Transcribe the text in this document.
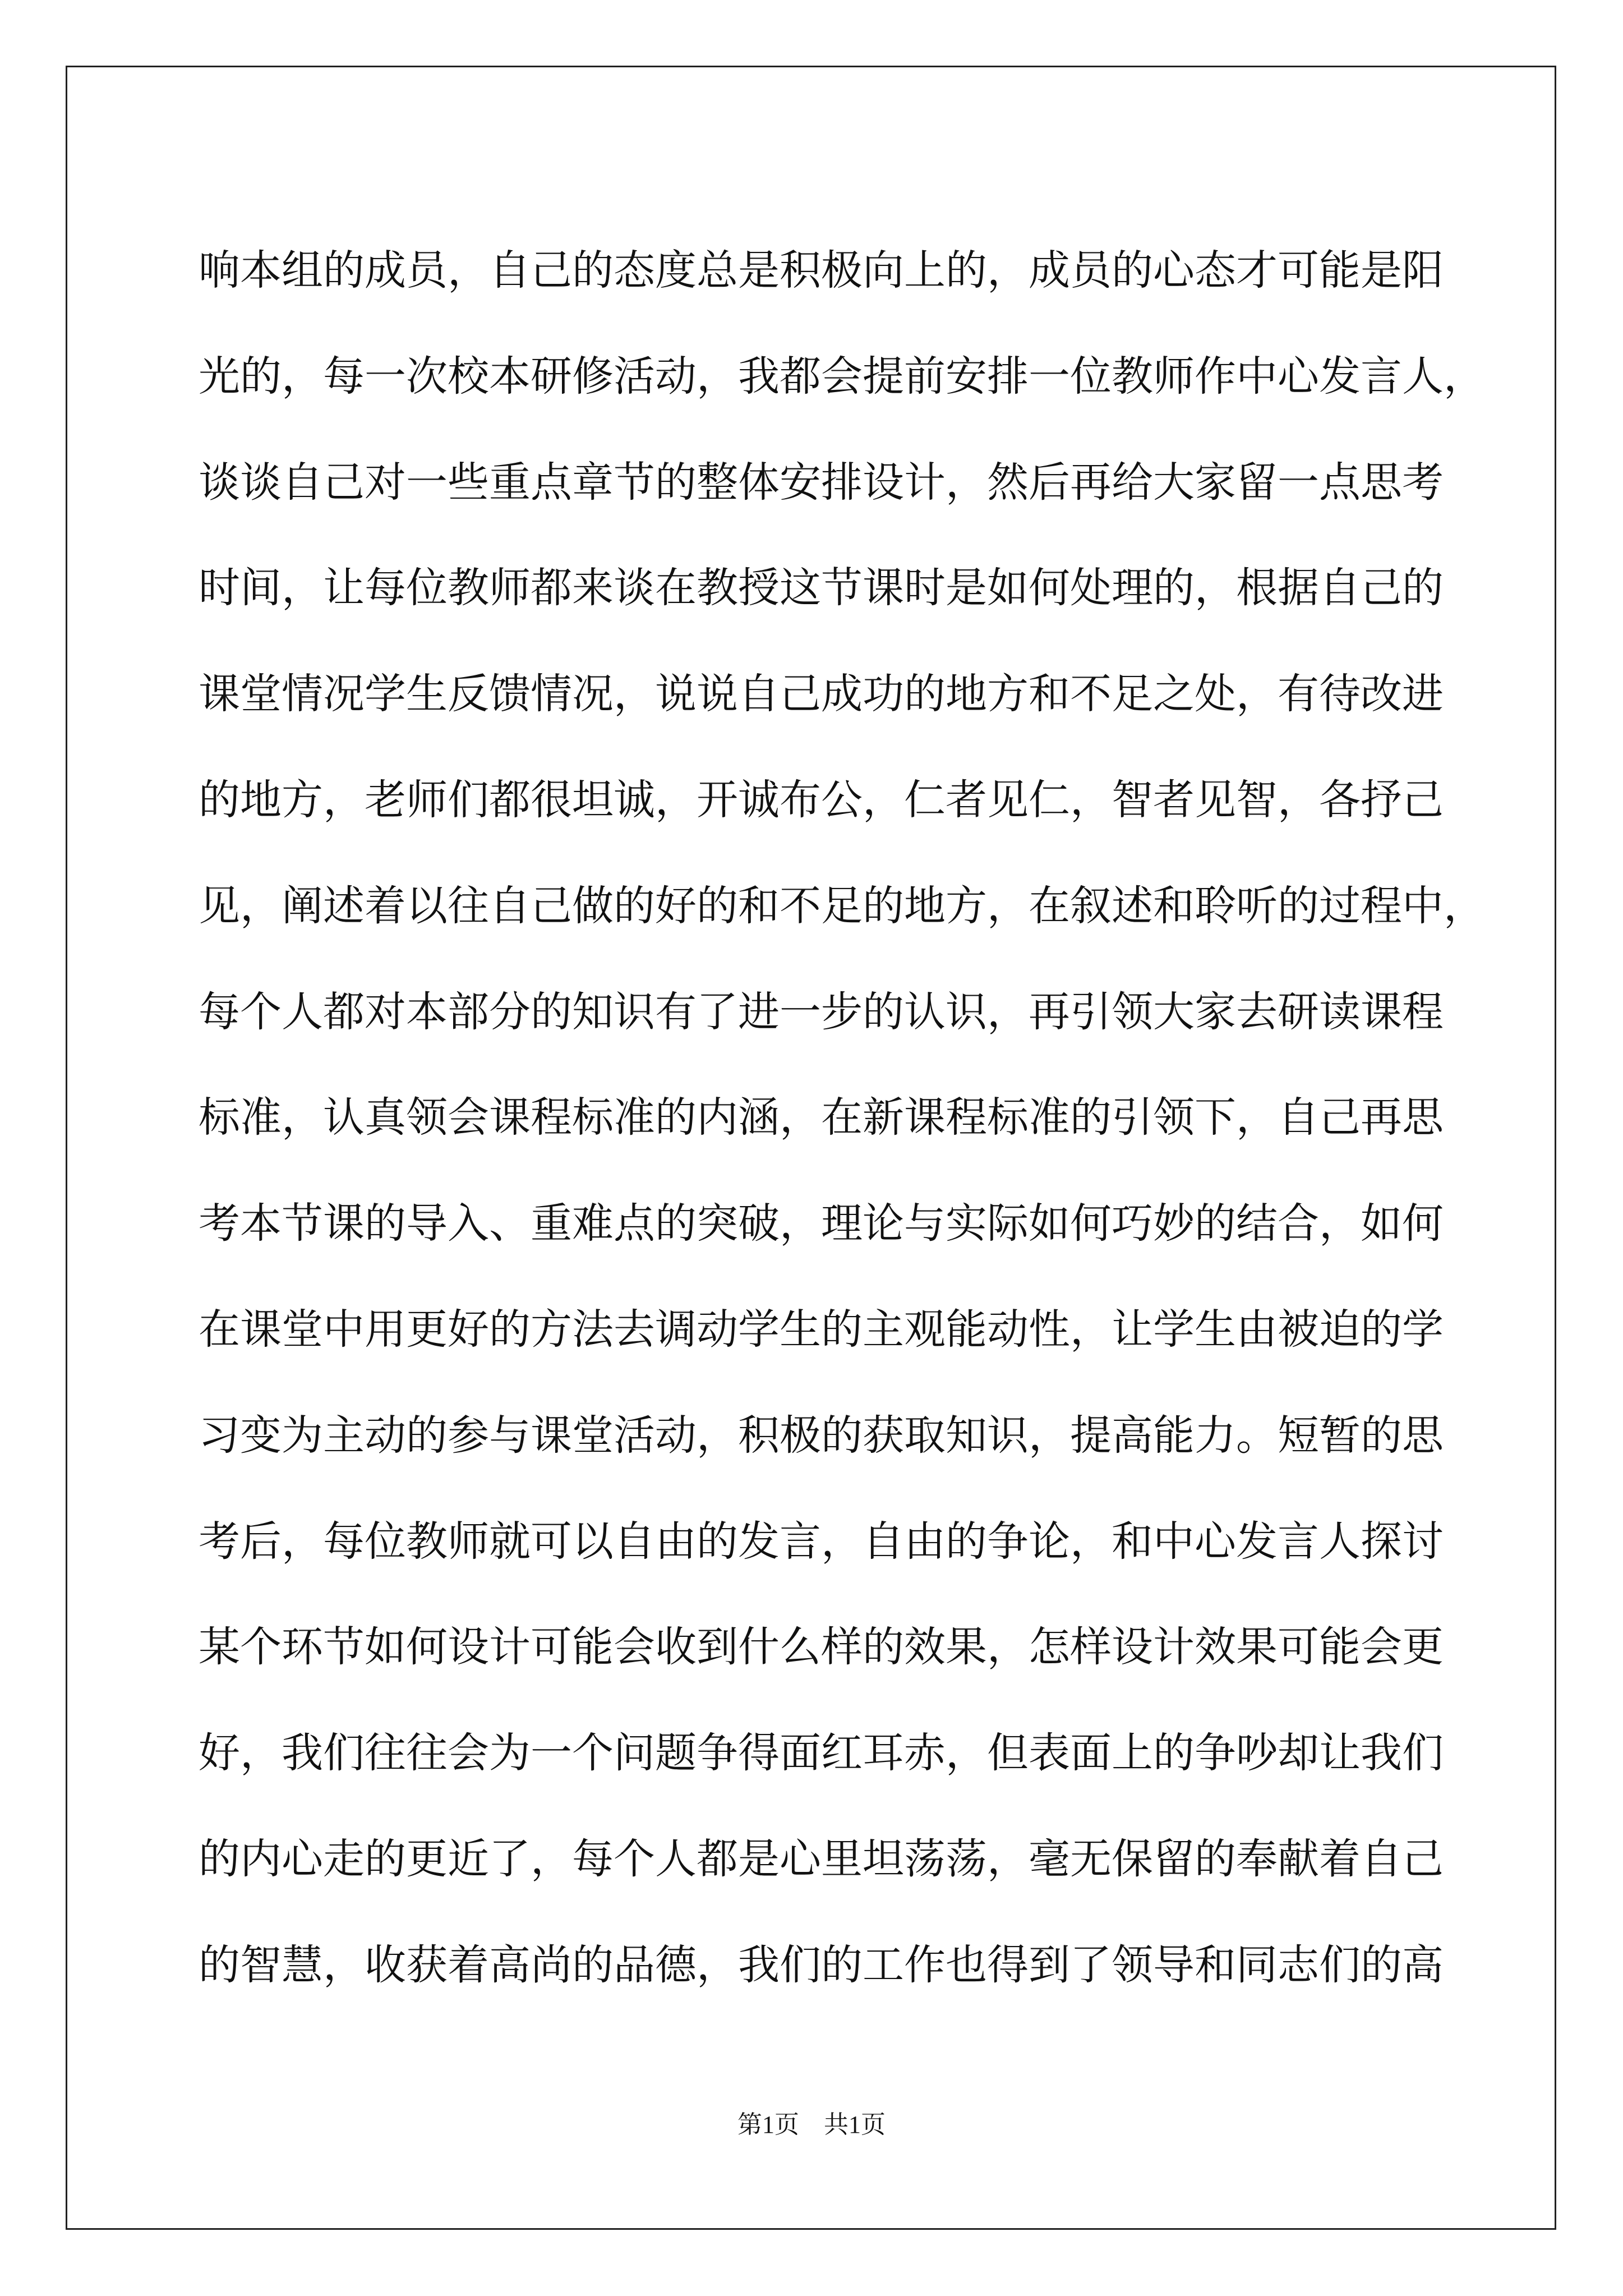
响本组的成员，自己的态度总是积极向上的，成员的心态才可能是阳
光的，每一次校本研修活动，我都会提前安排一位教师作中心发言人，
谈谈自己对一些重点章节的整体安排设计，然后再给大家留一点思考
时间，让每位教师都来谈在教授这节课时是如何处理的，根据自己的
课堂情况学生反馈情况，说说自己成功的地方和不足之处，有待改进
的地方，老师们都很坦诚，开诚布公，仁者见仁，智者见智，各抒己
见，阐述着以往自己做的好的和不足的地方，在叙述和聆听的过程中，
每个人都对本部分的知识有了进一步的认识，再引领大家去研读课程
标准，认真领会课程标准的内涵，在新课程标准的引领下，自己再思
考本节课的导入、重难点的突破，理论与实际如何巧妙的结合，如何
在课堂中用更好的方法去调动学生的主观能动性，让学生由被迫的学
习变为主动的参与课堂活动，积极的获取知识，提高能力。短暂的思
考后，每位教师就可以自由的发言，自由的争论，和中心发言人探讨
某个环节如何设计可能会收到什么样的效果，怎样设计效果可能会更
好，我们往往会为一个问题争得面红耳赤，但表面上的争吵却让我们
的内心走的更近了，每个人都是心里坦荡荡，毫无保留的奉献着自己
的智慧，收获着高尚的品德，我们的工作也得到了领导和同志们的高
第1页　共1页
